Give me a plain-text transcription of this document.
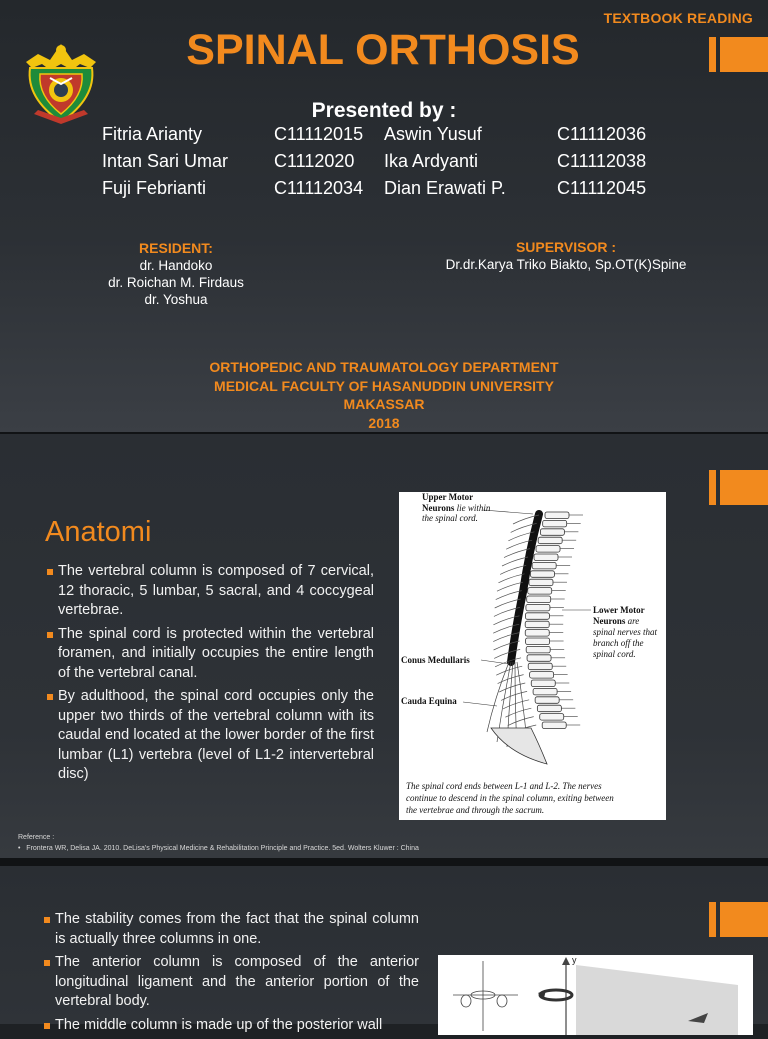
TEXTBOOK READING
SPINAL ORTHOSIS
Presented by :
Fitria Arianty	C11112015 Aswin Yusuf	C11112036
Intan Sari Umar	C1112020 Ika Ardyanti	C11112038
Fuji Febrianti	C11112034 Dian Erawati P.	C11112045
RESIDENT:
dr. Handoko
dr. Roichan M. Firdaus
dr. Yoshua
SUPERVISOR :
Dr.dr.Karya Triko Biakto, Sp.OT(K)Spine
ORTHOPEDIC AND TRAUMATOLOGY DEPARTMENT
MEDICAL FACULTY OF HASANUDDIN UNIVERSITY
MAKASSAR
2018
Anatomi
The vertebral column is composed of 7 cervical, 12 thoracic, 5 lumbar, 5 sacral, and 4 coccygeal vertebrae.
The spinal cord is protected within the vertebral foramen, and initially occupies the entire length of the vertebral canal.
By adulthood, the spinal cord occupies only the upper two thirds of the vertebral column with its caudal end located at the lower border of the first lumbar (L1) vertebra (level of L1-2 intervertebral disc)
Upper Motor
Neurons lie within
the spinal cord.
Lower Motor
Neurons are
spinal nerves that
branch off the
spinal cord.
Conus Medullaris
Cauda Equina
The spinal cord ends between L-1 and L-2. The nerves
continue to descend in the spinal column, exiting between
the vertebrae and through the sacrum.
Reference :
•   Frontera WR, Delisa JA. 2010. DeLisa's Physical Medicine & Rehabilitation Principle and Practice. 5ed. Wolters Kluwer : China
The stability comes from the fact that the spinal column is actually three columns in one.
The anterior column is composed of the anterior longitudinal ligament and the anterior portion of the vertebral body.
The middle column is made up of the posterior wall
y
